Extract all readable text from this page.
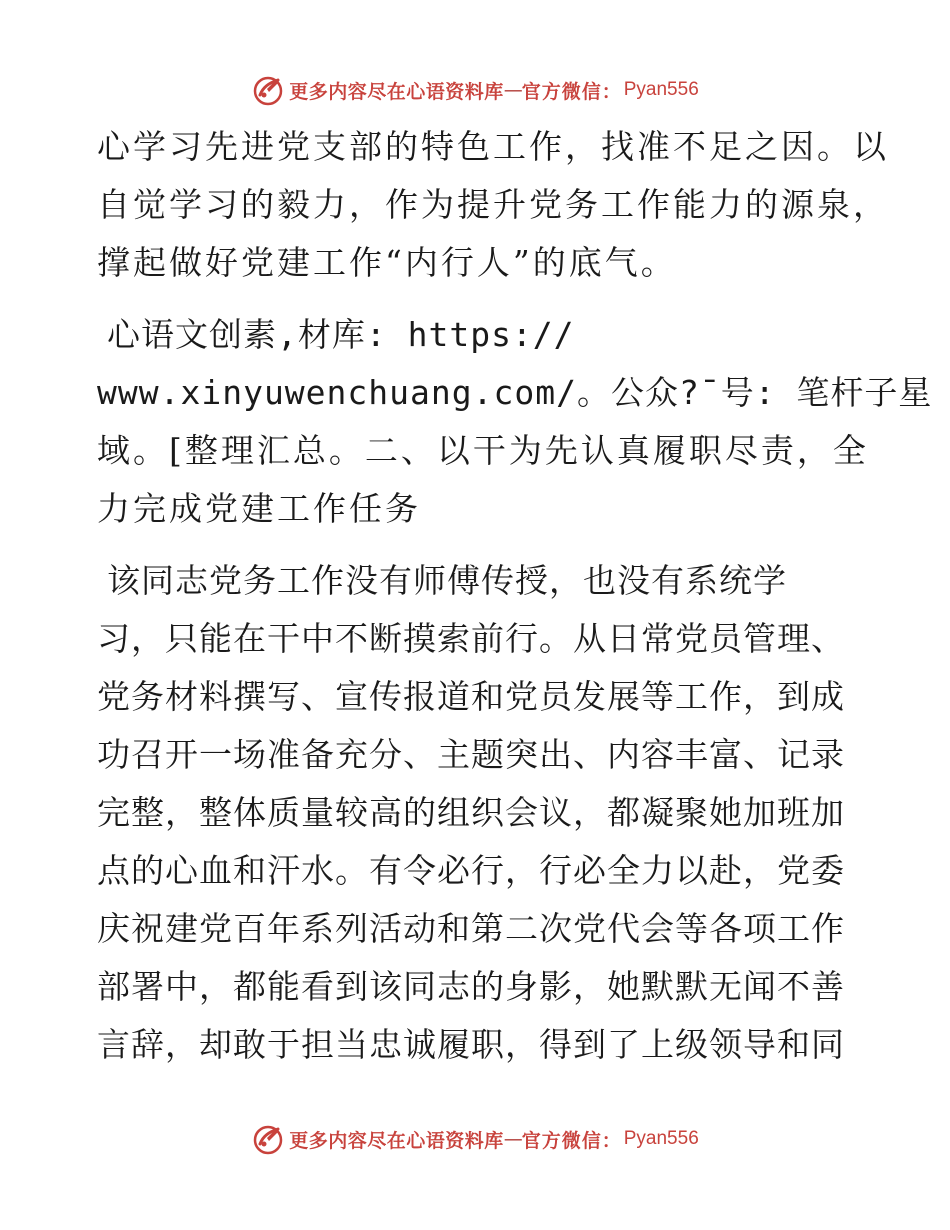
更多内容尽在心语资料库 — 官方微信： Pyan556

心学习先进党支部的特色工作，找准不足之因。以
自觉学习的毅力，作为提升党务工作能力的源泉，
撑起做好党建工作“内行人”的底气。

心语文创素,材库: https://
www.xinyuwenchuang.com/。公众?¯号: 笔杆子星
域。[整理汇总。二、以干为先认真履职尽责，全
力完成党建工作任务

该同志党务工作没有师傅传授，也没有系统学
习，只能在干中不断摸索前行。从日常党员管理、
党务材料撰写、宣传报道和党员发展等工作，到成
功召开一场准备充分、主题突出、内容丰富、记录
完整，整体质量较高的组织会议，都凝聚她加班加
点的心血和汗水。有令必行，行必全力以赴，党委
庆祝建党百年系列活动和第二次党代会等各项工作
部署中，都能看到该同志的身影，她默默无闻不善
言辞，却敢于担当忠诚履职，得到了上级领导和同

更多内容尽在心语资料库 — 官方微信： Pyan556
